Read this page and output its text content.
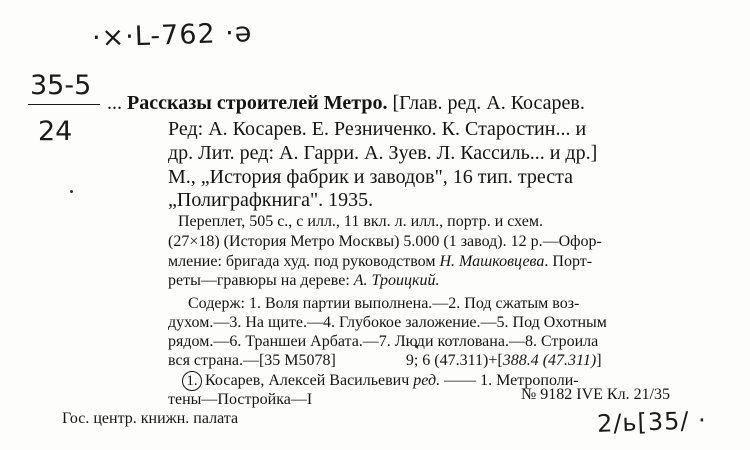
·×·L-762 ·ə
35-5
24
2/ь[35/ ·
... Рассказы строителей Метро. [Глав. ред. А. Косарев.
Ред: А. Косарев. Е. Резниченко. К. Старостин... и
др. Лит. ред: А. Гарри. А. Зуев. Л. Кассиль... и др.]
М., „История фабрик и заводов", 16 тип. треста
„Полиграфкнига". 1935.
Переплет, 505 с., с илл., 11 вкл. л. илл., портр. и схем.
(27×18) (История Метро Москвы) 5.000 (1 завод). 12 р.—Офор-
мление: бригада худ. под руководством Н. Машковцева. Порт-
реты—гравюры на дереве: А. Троицкий.
Содерж: 1. Воля партии выполнена.—2. Под сжатым воз-
духом.—3. На щите.—4. Глубокое заложение.—5. Под Охотным
рядом.—6. Траншеи Арбата.—7. Люди котлована.—8. Строила
вся страна.—[35 М5078]	9; 6 (47.311)+[388.4 (47.311)]
1. Косарев, Алексей Васильевич ред. —— 1. Метрополи-
тены—Постройка—I
Гос. центр. книжн. палата
№ 9182 IVE Кл. 21/35
